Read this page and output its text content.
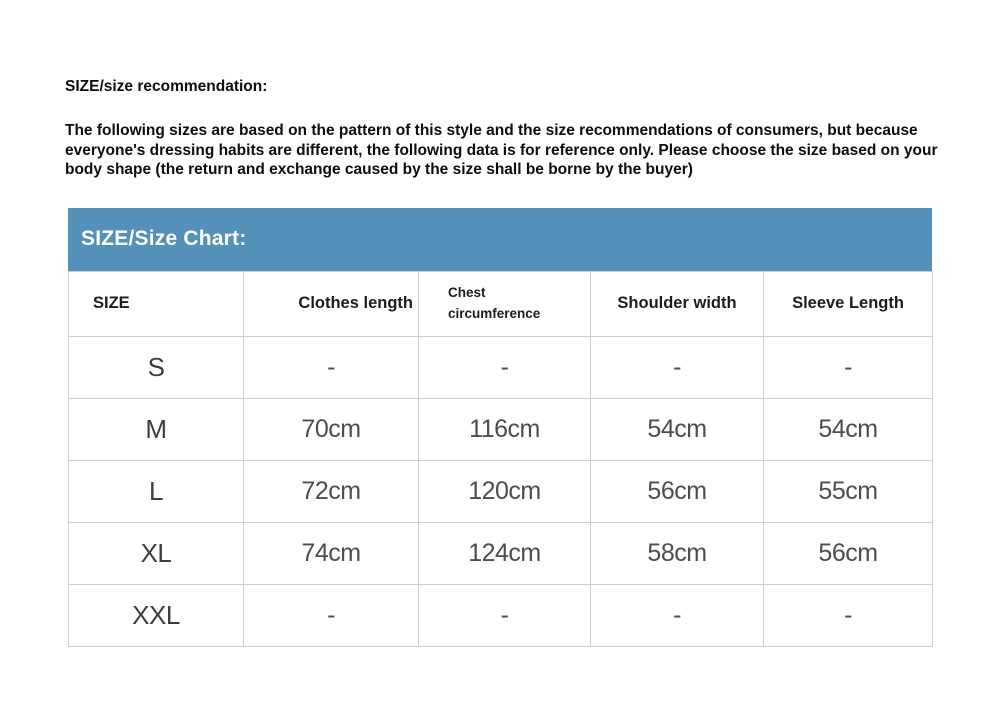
SIZE/size recommendation:

The following sizes are based on the pattern of this style and the size recommendations of consumers, but because everyone's dressing habits are different, the following data is for reference only. Please choose the size based on your body shape (the return and exchange caused by the size shall be borne by the buyer)

SIZE/Size Chart:
SIZE	Clothes length	Chest circumference	Shoulder width	Sleeve Length
S	-	-	-	-
M	70cm	116cm	54cm	54cm
L	72cm	120cm	56cm	55cm
XL	74cm	124cm	58cm	56cm
XXL	-	-	-	-
